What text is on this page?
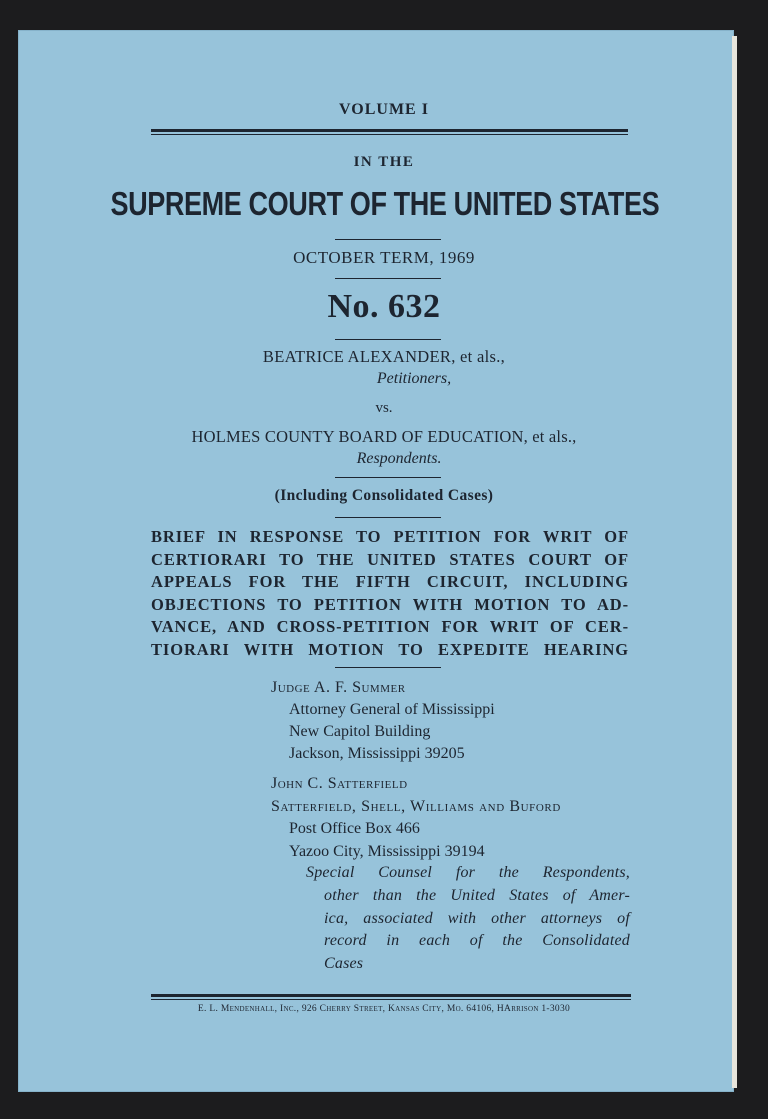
VOLUME I
IN THE
SUPREME COURT OF THE UNITED STATES
OCTOBER TERM, 1969
No. 632
BEATRICE ALEXANDER, et als.,
Petitioners,
vs.
HOLMES COUNTY BOARD OF EDUCATION, et als.,
Respondents.
(Including Consolidated Cases)
BRIEF IN RESPONSE TO PETITION FOR WRIT OF
CERTIORARI TO THE UNITED STATES COURT OF
APPEALS FOR THE FIFTH CIRCUIT, INCLUDING
OBJECTIONS TO PETITION WITH MOTION TO AD-
VANCE, AND CROSS-PETITION FOR WRIT OF CER-
TIORARI WITH MOTION TO EXPEDITE HEARING
Judge A. F. Summer
Attorney General of Mississippi
New Capitol Building
Jackson, Mississippi 39205
John C. Satterfield
Satterfield, Shell, Williams and Buford
Post Office Box 466
Yazoo City, Mississippi 39194
Special Counsel for the Respondents,
other than the United States of Amer-
ica, associated with other attorneys of
record in each of the Consolidated
Cases
E. L. Mendenhall, Inc., 926 Cherry Street, Kansas City, Mo. 64106, HArrison 1-3030
